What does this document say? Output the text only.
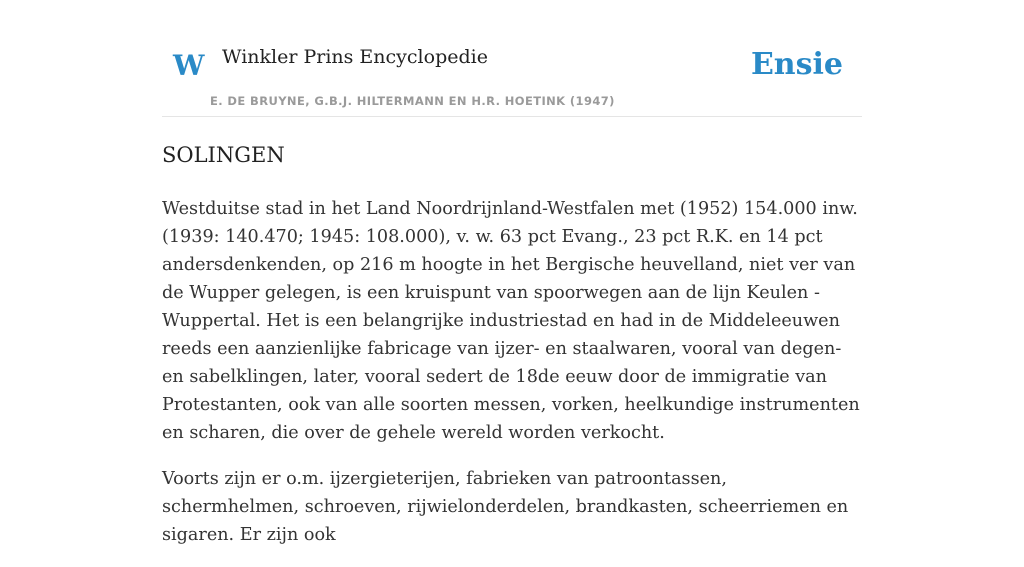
W Winkler Prins Encyclopedie
E. DE BRUYNE, G.B.J. HILTERMANN EN H.R. HOETINK (1947)
Ensie
SOLINGEN

Westduitse stad in het Land Noordrijnland-Westfalen met (1952) 154.000 inw. (1939: 140.470; 1945: 108.000), v. w. 63 pct Evang., 23 pct R.K. en 14 pct andersdenkenden, op 216 m hoogte in het Bergische heuvelland, niet ver van de Wupper gelegen, is een kruispunt van spoorwegen aan de lijn Keulen - Wuppertal. Het is een belangrijke industriestad en had in de Middeleeuwen reeds een aanzienlijke fabricage van ijzer- en staalwaren, vooral van degen- en sabelklingen, later, vooral sedert de 18de eeuw door de immigratie van Protestanten, ook van alle soorten messen, vorken, heelkundige instrumenten en scharen, die over de gehele wereld worden verkocht.

Voorts zijn er o.m. ijzergieterijen, fabrieken van patroontassen, schermhelmen, schroeven, rijwielonderdelen, brandkasten, scheerriemen en sigaren. Er zijn ook
